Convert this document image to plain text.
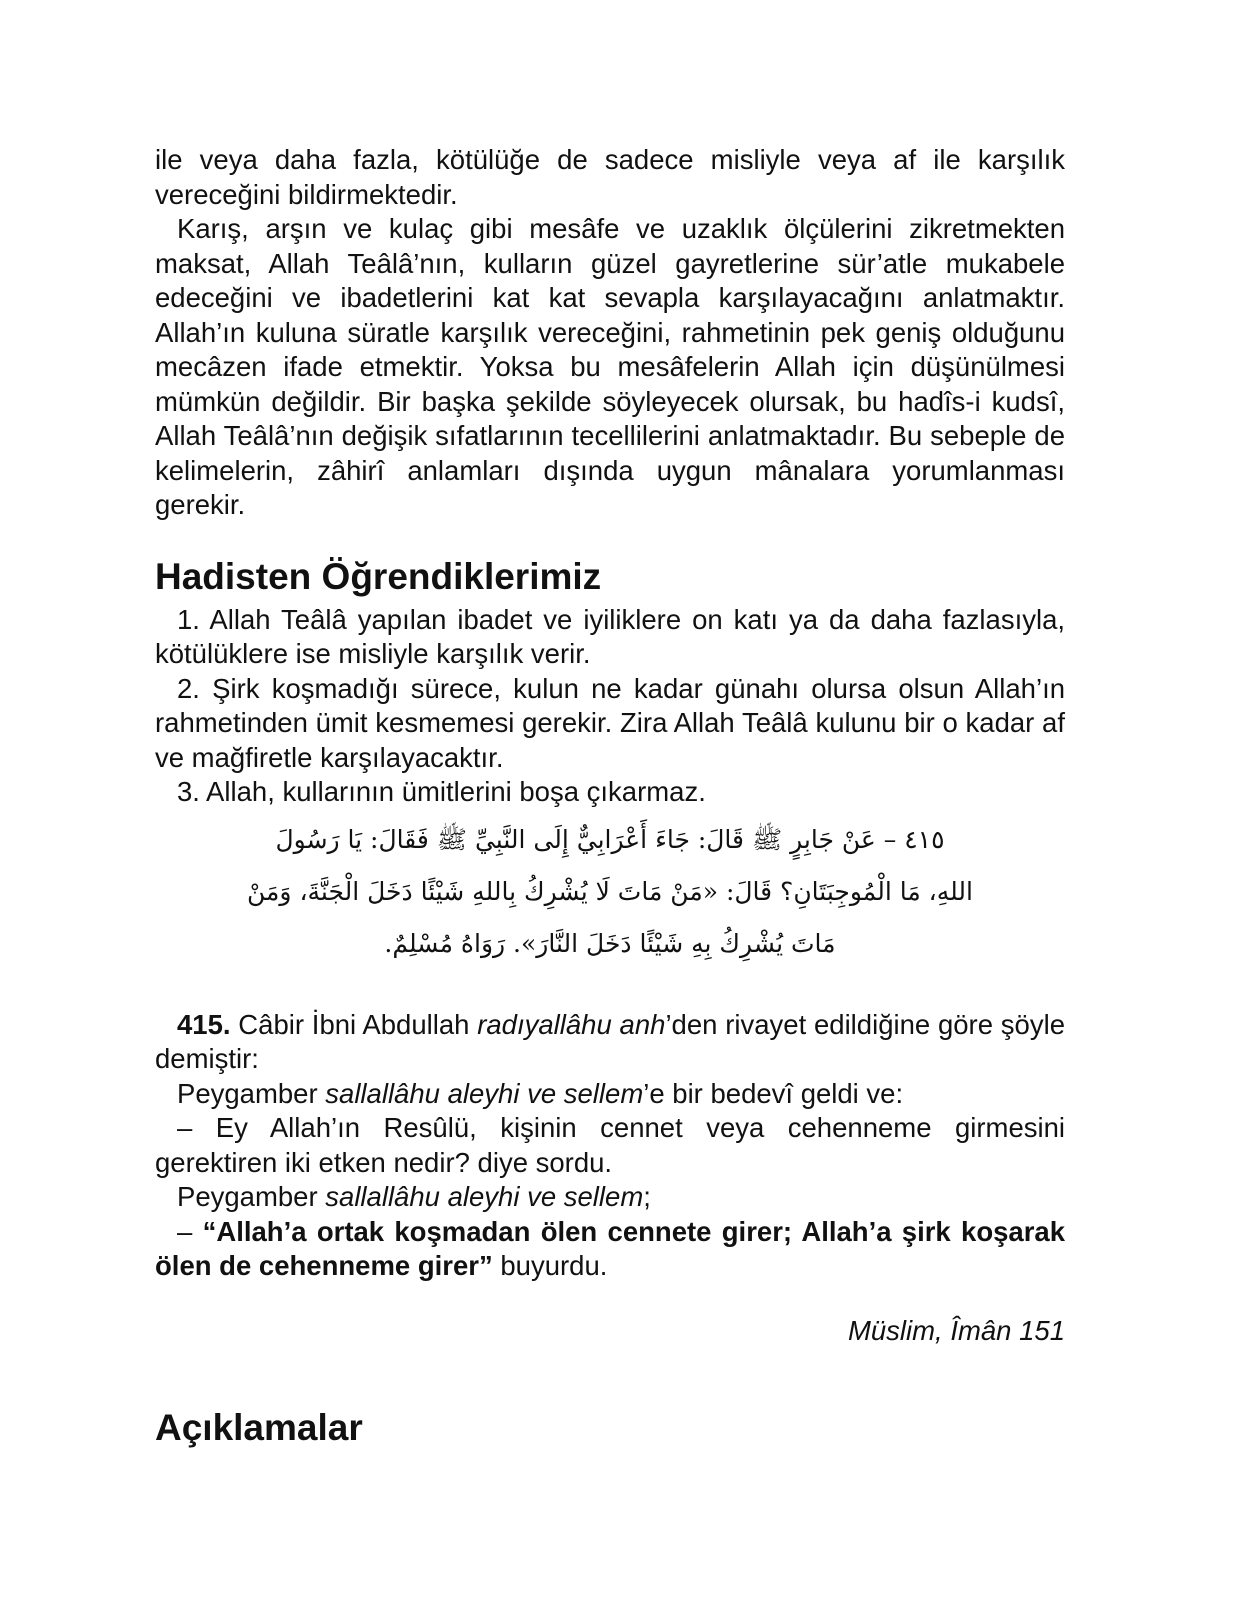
ile veya daha fazla, kötülüğe de sadece misliyle veya af ile karşılık vereceğini bildirmektedir.

Karış, arşın ve kulaç gibi mesâfe ve uzaklık ölçülerini zikretmekten maksat, Allah Teâlâ’nın, kulların güzel gayretlerine sür’atle mukabele edeceğini ve ibadetlerini kat kat sevapla karşılayacağını anlatmaktır. Allah’ın kuluna süratle karşılık vereceğini, rahmetinin pek geniş olduğunu mecâzen ifade etmektir. Yoksa bu mesâfelerin Allah için düşünülmesi mümkün değildir. Bir başka şekilde söyleyecek olursak, bu hadîs-i kudsî, Allah Teâlâ’nın değişik sıfatlarının tecellilerini anlatmaktadır. Bu sebeple de kelimelerin, zâhirî anlamları dışında uygun mânalara yorumlanması gerekir.

Hadisten Öğrendiklerimiz

1. Allah Teâlâ yapılan ibadet ve iyiliklere on katı ya da daha fazlasıyla, kötülüklere ise misliyle karşılık verir.

2. Şirk koşmadığı sürece, kulun ne kadar günahı olursa olsun Allah’ın rahmetinden ümit kesmemesi gerekir. Zira Allah Teâlâ kulunu bir o kadar af ve mağfiretle karşılayacaktır.

3. Allah, kullarının ümitlerini boşa çıkarmaz.

٤١٥ – عَنْ جَابِرٍ ﷺ قَالَ: جَاءَ أَعْرَابِيٌّ إِلَى النَّبِيِّ ﷺ فَقَالَ: يَا رَسُولَ
اللهِ، مَا الْمُوجِبَتَانِ؟ قَالَ: «مَنْ مَاتَ لَا يُشْرِكُ بِاللهِ شَيْئًا دَخَلَ الْجَنَّةَ، وَمَنْ
مَاتَ يُشْرِكُ بِهِ شَيْئًا دَخَلَ النَّارَ». رَوَاهُ مُسْلِمٌ.

415. Câbir İbni Abdullah radıyallâhu anh’den rivayet edildiğine göre şöyle demiştir:

Peygamber sallallâhu aleyhi ve sellem’e bir bedevî geldi ve:

– Ey Allah’ın Resûlü, kişinin cennet veya cehenneme girmesini gerektiren iki etken nedir? diye sordu.

Peygamber sallallâhu aleyhi ve sellem;

– “Allah’a ortak koşmadan ölen cennete girer; Allah’a şirk koşarak ölen de cehenneme girer” buyurdu.

Müslim, Îmân 151
Açıklamalar
